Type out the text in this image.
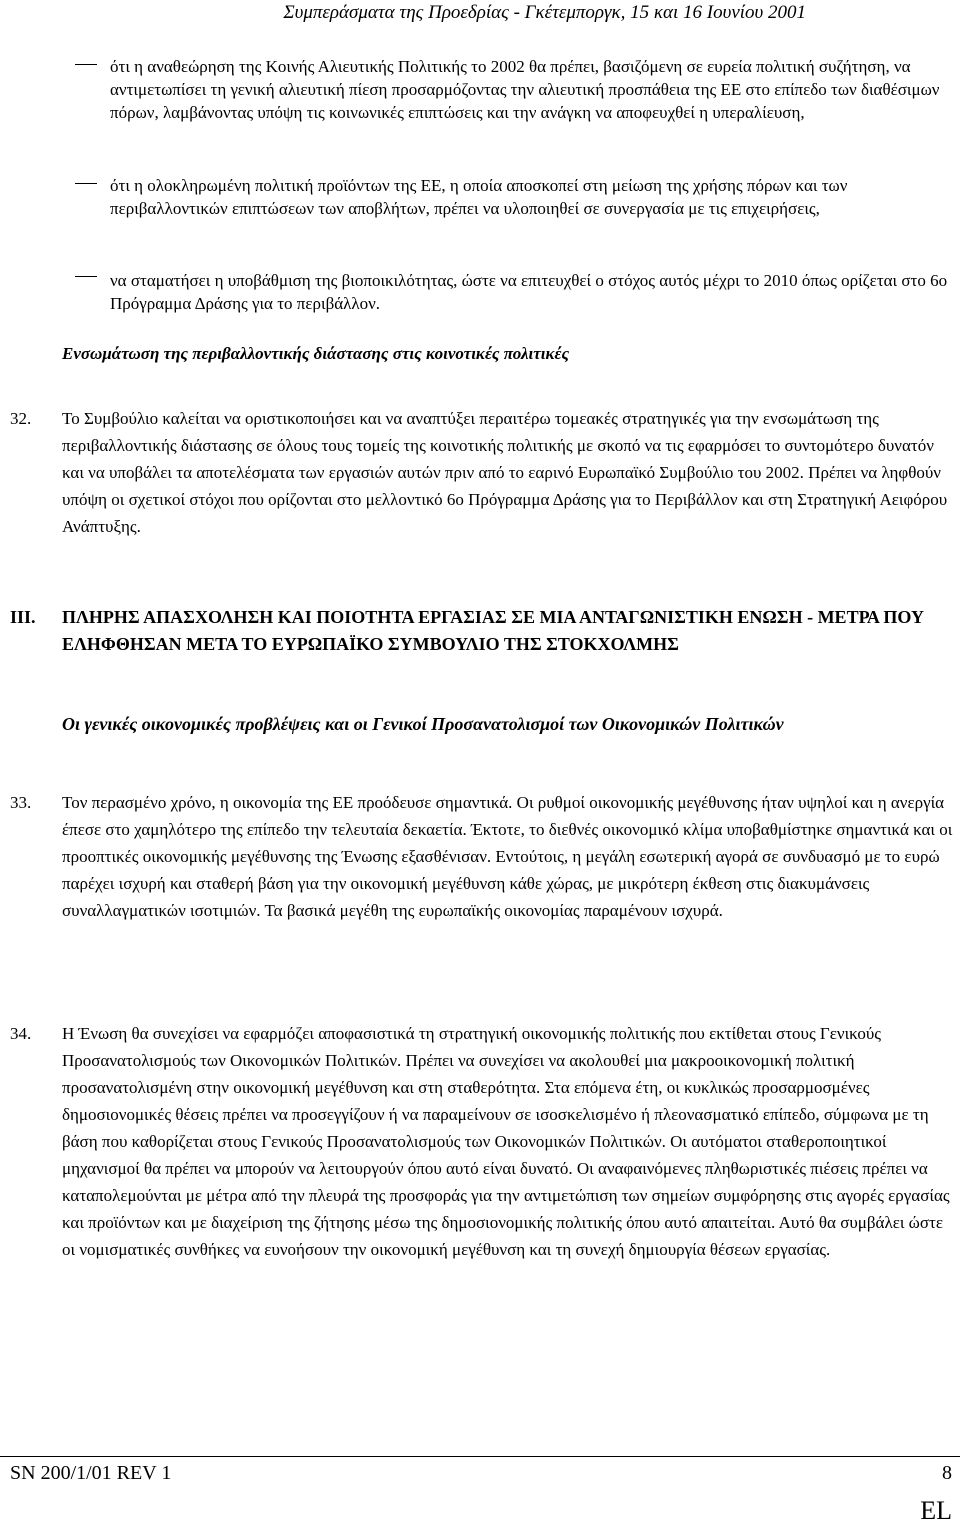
Συμπεράσματα της Προεδρίας - Γκέτεμποργκ, 15 και 16 Ιουνίου 2001
ότι η αναθεώρηση της Κοινής Αλιευτικής Πολιτικής το 2002 θα πρέπει, βασιζόμενη σε ευρεία πολιτική συζήτηση, να αντιμετωπίσει τη γενική αλιευτική πίεση προσαρμόζοντας την αλιευτική προσπάθεια της ΕΕ στο επίπεδο των διαθέσιμων πόρων, λαμβάνοντας υπόψη τις κοινωνικές επιπτώσεις και την ανάγκη να αποφευχθεί η υπεραλίευση,
ότι η ολοκληρωμένη πολιτική προϊόντων της ΕΕ, η οποία αποσκοπεί στη μείωση της χρήσης πόρων και των περιβαλλοντικών επιπτώσεων των αποβλήτων, πρέπει να υλοποιηθεί σε συνεργασία με τις επιχειρήσεις,
να σταματήσει η υποβάθμιση της βιοποικιλότητας, ώστε να επιτευχθεί ο στόχος αυτός μέχρι το 2010 όπως ορίζεται στο 6ο Πρόγραμμα Δράσης για το περιβάλλον.
Ενσωμάτωση της περιβαλλοντικής διάστασης στις κοινοτικές πολιτικές
32. Το Συμβούλιο καλείται να οριστικοποιήσει και να αναπτύξει περαιτέρω τομεακές στρατηγικές για την ενσωμάτωση της περιβαλλοντικής διάστασης σε όλους τους τομείς της κοινοτικής πολιτικής με σκοπό να τις εφαρμόσει το συντομότερο δυνατόν και να υποβάλει τα αποτελέσματα των εργασιών αυτών πριν από το εαρινό Ευρωπαϊκό Συμβούλιο του 2002. Πρέπει να ληφθούν υπόψη οι σχετικοί στόχοι που ορίζονται στο μελλοντικό 6ο Πρόγραμμα Δράσης για το Περιβάλλον και στη Στρατηγική Αειφόρου Ανάπτυξης.
III. ΠΛΗΡΗΣ ΑΠΑΣΧΟΛΗΣΗ ΚΑΙ ΠΟΙΟΤΗΤΑ ΕΡΓΑΣΙΑΣ ΣΕ ΜΙΑ ΑΝΤΑΓΩΝΙΣΤΙΚΗ ΕΝΩΣΗ - ΜΕΤΡΑ ΠΟΥ ΕΛΗΦΘΗΣΑΝ ΜΕΤΑ ΤΟ ΕΥΡΩΠΑΪΚΟ ΣΥΜΒΟΥΛΙΟ ΤΗΣ ΣΤΟΚΧΟΛΜΗΣ
Οι γενικές οικονομικές προβλέψεις και οι Γενικοί Προσανατολισμοί των Οικονομικών Πολιτικών
33. Τον περασμένο χρόνο, η οικονομία της ΕΕ προόδευσε σημαντικά. Οι ρυθμοί οικονομικής μεγέθυνσης ήταν υψηλοί και η ανεργία έπεσε στο χαμηλότερο της επίπεδο την τελευταία δεκαετία. Έκτοτε, το διεθνές οικονομικό κλίμα υποβαθμίστηκε σημαντικά και οι προοπτικές οικονομικής μεγέθυνσης της Ένωσης εξασθένισαν. Εντούτοις, η μεγάλη εσωτερική αγορά σε συνδυασμό με το ευρώ παρέχει ισχυρή και σταθερή βάση για την οικονομική μεγέθυνση κάθε χώρας, με μικρότερη έκθεση στις διακυμάνσεις συναλλαγματικών ισοτιμιών. Τα βασικά μεγέθη της ευρωπαϊκής οικονομίας παραμένουν ισχυρά.
34. Η Ένωση θα συνεχίσει να εφαρμόζει αποφασιστικά τη στρατηγική οικονομικής πολιτικής που εκτίθεται στους Γενικούς Προσανατολισμούς των Οικονομικών Πολιτικών. Πρέπει να συνεχίσει να ακολουθεί μια μακροοικονομική πολιτική προσανατολισμένη στην οικονομική μεγέθυνση και στη σταθερότητα. Στα επόμενα έτη, οι κυκλικώς προσαρμοσμένες δημοσιονομικές θέσεις πρέπει να προσεγγίζουν ή να παραμείνουν σε ισοσκελισμένο ή πλεονασματικό επίπεδο, σύμφωνα με τη βάση που καθορίζεται στους Γενικούς Προσανατολισμούς των Οικονομικών Πολιτικών. Οι αυτόματοι σταθεροποιητικοί μηχανισμοί θα πρέπει να μπορούν να λειτουργούν όπου αυτό είναι δυνατό. Οι αναφαινόμενες πληθωριστικές πιέσεις πρέπει να καταπολεμούνται με μέτρα από την πλευρά της προσφοράς για την αντιμετώπιση των σημείων συμφόρησης στις αγορές εργασίας και προϊόντων και με διαχείριση της ζήτησης μέσω της δημοσιονομικής πολιτικής όπου αυτό απαιτείται. Αυτό θα συμβάλει ώστε οι νομισματικές συνθήκες να ευνοήσουν την οικονομική μεγέθυνση και τη συνεχή δημιουργία θέσεων εργασίας.
SN 200/1/01 REV 1	8
EL
